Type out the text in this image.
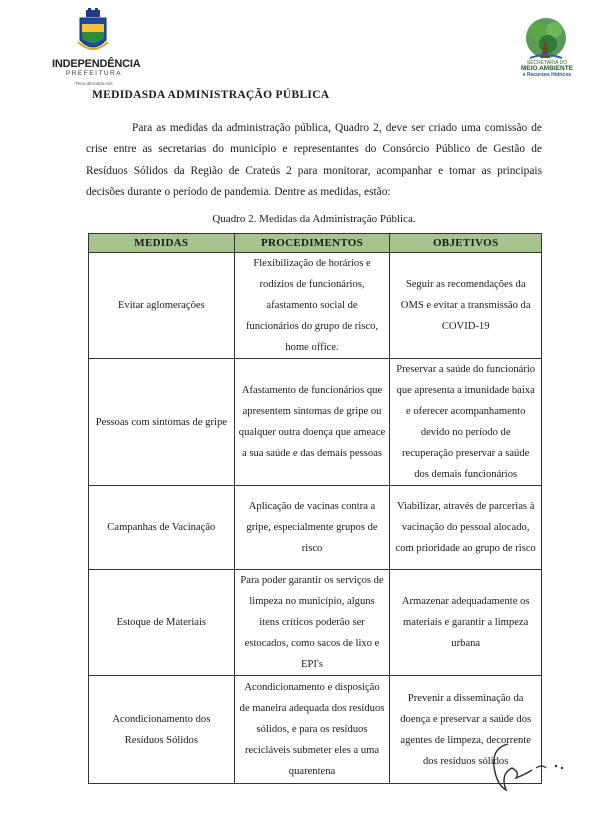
INDEPENDÊNCIA
PREFEITURA
Terra de todos nós
SECRETARIA DO
MEIO AMBIENTE
e Recursos Hídricos
MEDIDASDA ADMINISTRAÇÃO PÚBLICA
Para as medidas da administração pública, Quadro 2, deve ser criado uma comissão de crise entre as secretarias do município e representantes do Consórcio Público de Gestão de Resíduos Sólidos da Região de Crateús 2 para monitorar, acompanhar e tomar as principais decisões durante o período de pandemia. Dentre as medidas, estão:
Quadro 2. Medidas da Administração Pública.
MEDIDAS	PROCEDIMENTOS	OBJETIVOS
Evitar aglomerações	Flexibilização de horários e rodízios de funcionários, afastamento social de funcionários do grupo de risco, home office.	Seguir as recomendações da OMS e evitar a transmissão da COVID-19
Pessoas com sintomas de gripe	Afastamento de funcionários que apresentem sintomas de gripe ou qualquer outra doença que ameace a sua saúde e das demais pessoas	Preservar a saúde do funcionário que apresenta a imunidade baixa e oferecer acompanhamento devido no período de recuperação preservar a saúde dos demais funcionários
Campanhas de Vacinação	Aplicação de vacinas contra a gripe, especialmente grupos de risco	Viabilizar, através de parcerias à vacinação do pessoal alocado, com prioridade ao grupo de risco
Estoque de Materiais	Para poder garantir os serviços de limpeza no município, alguns itens críticos poderão ser estocados, como sacos de lixo e EPI's	Armazenar adequadamente os materiais e garantir a limpeza urbana
Acondicionamento dos Resíduos Sólidos	Acondicionamento e disposição de maneira adequada dos resíduos sólidos, e para os resíduos recicláveis submeter eles a uma quarentena	Prevenir a disseminação da doença e preservar a saúde dos agentes de limpeza, decorrente dos resíduos sólidos
